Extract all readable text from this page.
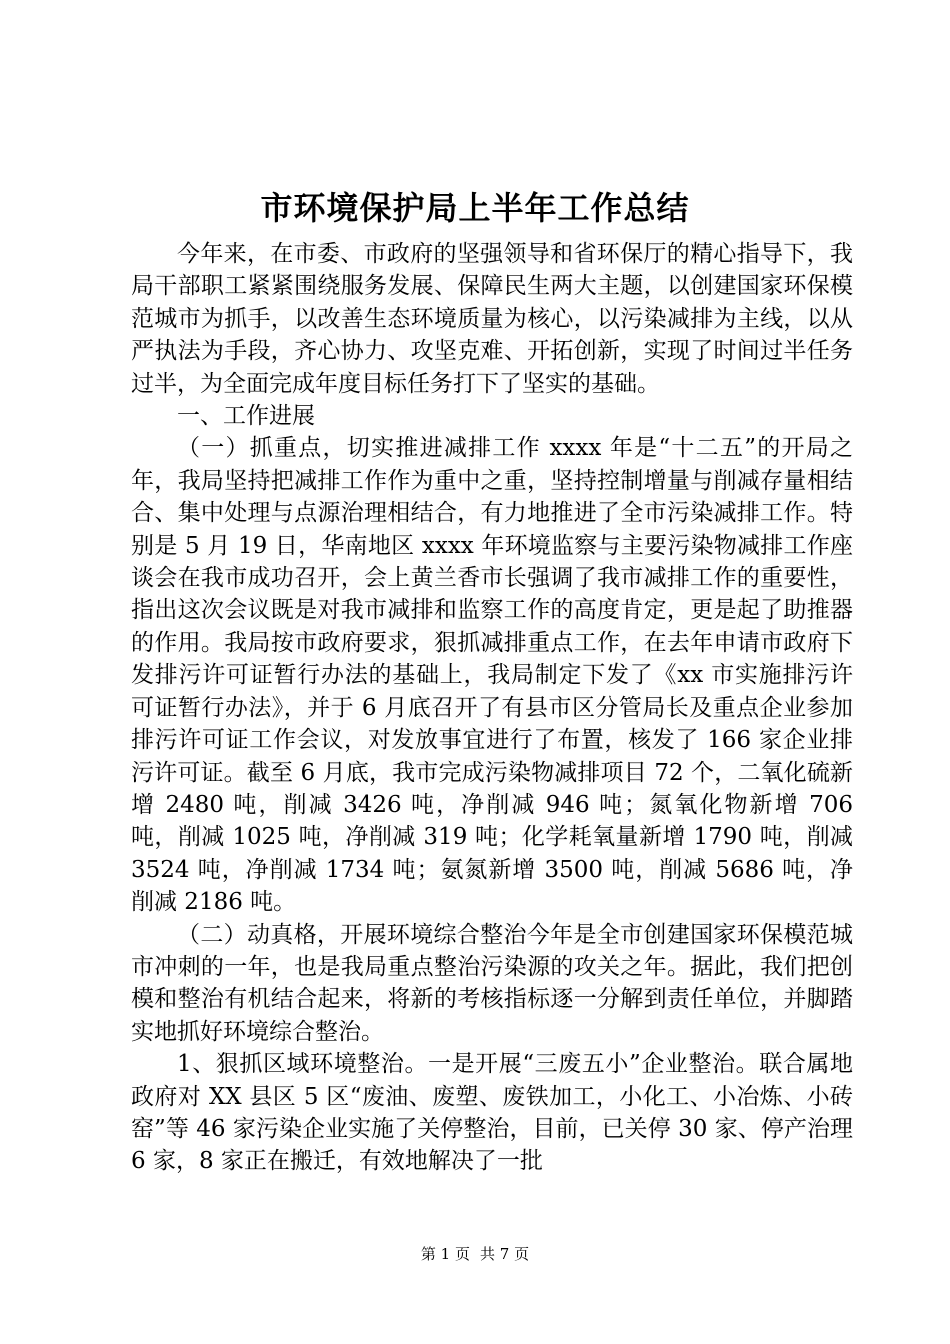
市环境保护局上半年工作总结

今年来，在市委、市政府的坚强领导和省环保厅的精心指导下，我局干部职工紧紧围绕服务发展、保障民生两大主题，以创建国家环保模范城市为抓手，以改善生态环境质量为核心，以污染减排为主线，以从严执法为手段，齐心协力、攻坚克难、开拓创新，实现了时间过半任务过半，为全面完成年度目标任务打下了坚实的基础。

一、工作进展

（一）抓重点，切实推进减排工作 xxxx 年是“十二五”的开局之年，我局坚持把减排工作作为重中之重，坚持控制增量与削减存量相结合、集中处理与点源治理相结合，有力地推进了全市污染减排工作。特别是 5 月 19 日，华南地区 xxxx 年环境监察与主要污染物减排工作座谈会在我市成功召开，会上黄兰香市长强调了我市减排工作的重要性，指出这次会议既是对我市减排和监察工作的高度肯定，更是起了助推器的作用。我局按市政府要求，狠抓减排重点工作，在去年申请市政府下发排污许可证暂行办法的基础上，我局制定下发了《xx 市实施排污许可证暂行办法》，并于 6 月底召开了有县市区分管局长及重点企业参加排污许可证工作会议，对发放事宜进行了布置，核发了 166 家企业排污许可证。截至 6 月底，我市完成污染物减排项目 72 个，二氧化硫新增 2480 吨，削减 3426 吨，净削减 946 吨；氮氧化物新增 706 吨，削减 1025 吨，净削减 319 吨；化学耗氧量新增 1790 吨，削减 3524 吨，净削减 1734 吨；氨氮新增 3500 吨，削减 5686 吨，净削减 2186 吨。

（二）动真格，开展环境综合整治今年是全市创建国家环保模范城市冲刺的一年，也是我局重点整治污染源的攻关之年。据此，我们把创模和整治有机结合起来，将新的考核指标逐一分解到责任单位，并脚踏实地抓好环境综合整治。

1、狠抓区域环境整治。一是开展“三废五小”企业整治。联合属地政府对 XX 县区 5 区“废油、废塑、废铁加工，小化工、小冶炼、小砖窑”等 46 家污染企业实施了关停整治，目前，已关停 30 家、停产治理 6 家，8 家正在搬迁，有效地解决了一批

第 1 页 共 7 页
